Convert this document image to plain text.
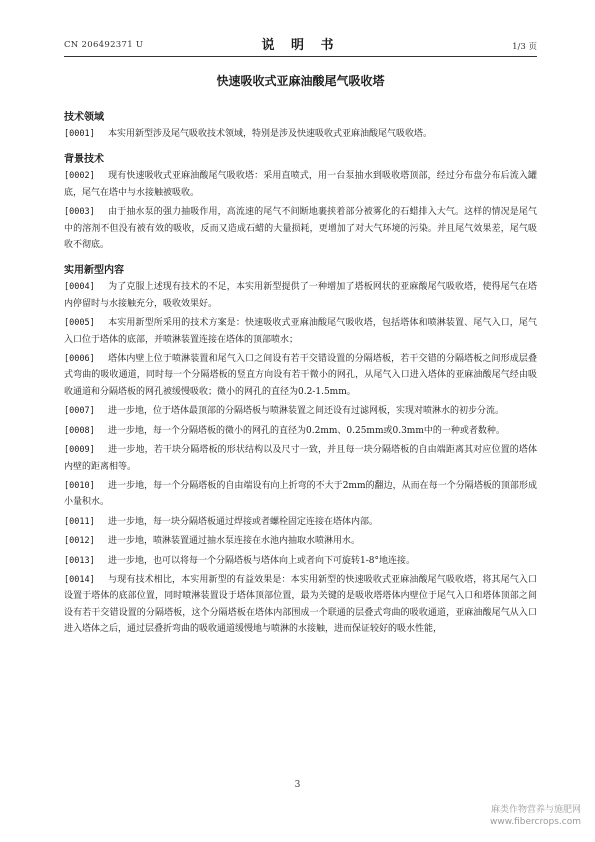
CN 206492371 U	说 明 书	1/3 页
快速吸收式亚麻油酸尾气吸收塔
技术领域

[0001] 本实用新型涉及尾气吸收技术领域，特别是涉及快速吸收式亚麻油酸尾气吸收塔。

背景技术

[0002] 现有快速吸收式亚麻油酸尾气吸收塔：采用直喷式，用一台泵抽水到吸收塔顶部，经过分布盘分布后流入罐底，尾气在塔中与水接触被吸收。

[0003] 由于抽水泵的强力抽吸作用，高流速的尾气不间断地裹挟着部分被雾化的石蜡排入大气。这样的情况是尾气中的溶剂不但没有被有效的吸收，反而又造成石蜡的大量损耗，更增加了对大气环境的污染。并且尾气效果差，尾气吸收不彻底。

实用新型内容

[0004] 为了克服上述现有技术的不足，本实用新型提供了一种增加了塔板网状的亚麻酸尾气吸收塔，使得尾气在塔内停留时与水接触充分，吸收效果好。

[0005] 本实用新型所采用的技术方案是：快速吸收式亚麻油酸尾气吸收塔，包括塔体和喷淋装置、尾气入口，尾气入口位于塔体的底部，并喷淋装置连接在塔体的顶部喷水；

[0006] 塔体内壁上位于喷淋装置和尾气入口之间设有若干交错设置的分隔塔板，若干交错的分隔塔板之间形成层叠式弯曲的吸收通道，同时每一个分隔塔板的竖直方向设有若干微小的网孔，从尾气入口进入塔体的亚麻油酸尾气经由吸收通道和分隔塔板的网孔被缓慢吸收；微小的网孔的直径为0.2-1.5mm。

[0007] 进一步地，位于塔体最顶部的分隔塔板与喷淋装置之间还设有过滤网板，实现对喷淋水的初步分流。

[0008] 进一步地，每一个分隔塔板的微小的网孔的直径为0.2mm、0.25mm或0.3mm中的一种或者数种。

[0009] 进一步地，若干块分隔塔板的形状结构以及尺寸一致，并且每一块分隔塔板的自由端距离其对应位置的塔体内壁的距离相等。

[0010] 进一步地，每一个分隔塔板的自由端设有向上折弯的不大于2mm的翻边，从而在每一个分隔塔板的顶部形成小量积水。

[0011] 进一步地，每一块分隔塔板通过焊接或者螺栓固定连接在塔体内部。

[0012] 进一步地，喷淋装置通过抽水泵连接在水池内抽取水喷淋用水。

[0013] 进一步地，也可以将每一个分隔塔板与塔体向上或者向下可旋转1-8°地连接。

[0014] 与现有技术相比，本实用新型的有益效果是：本实用新型的快速吸收式亚麻油酸尾气吸收塔，将其尾气入口设置于塔体的底部位置，同时喷淋装置设于塔体顶部位置，最为关键的是吸收塔塔体内壁位于尾气入口和塔体顶部之间设有若干交错设置的分隔塔板，这个分隔塔板在塔体内部围成一个联通的层叠式弯曲的吸收通道，亚麻油酸尾气从入口进入塔体之后，通过层叠折弯曲的吸收通道缓慢地与喷淋的水接触，进而保证较好的吸水性能，

3
麻类作物营养与施肥网
www.fibercrops.com
